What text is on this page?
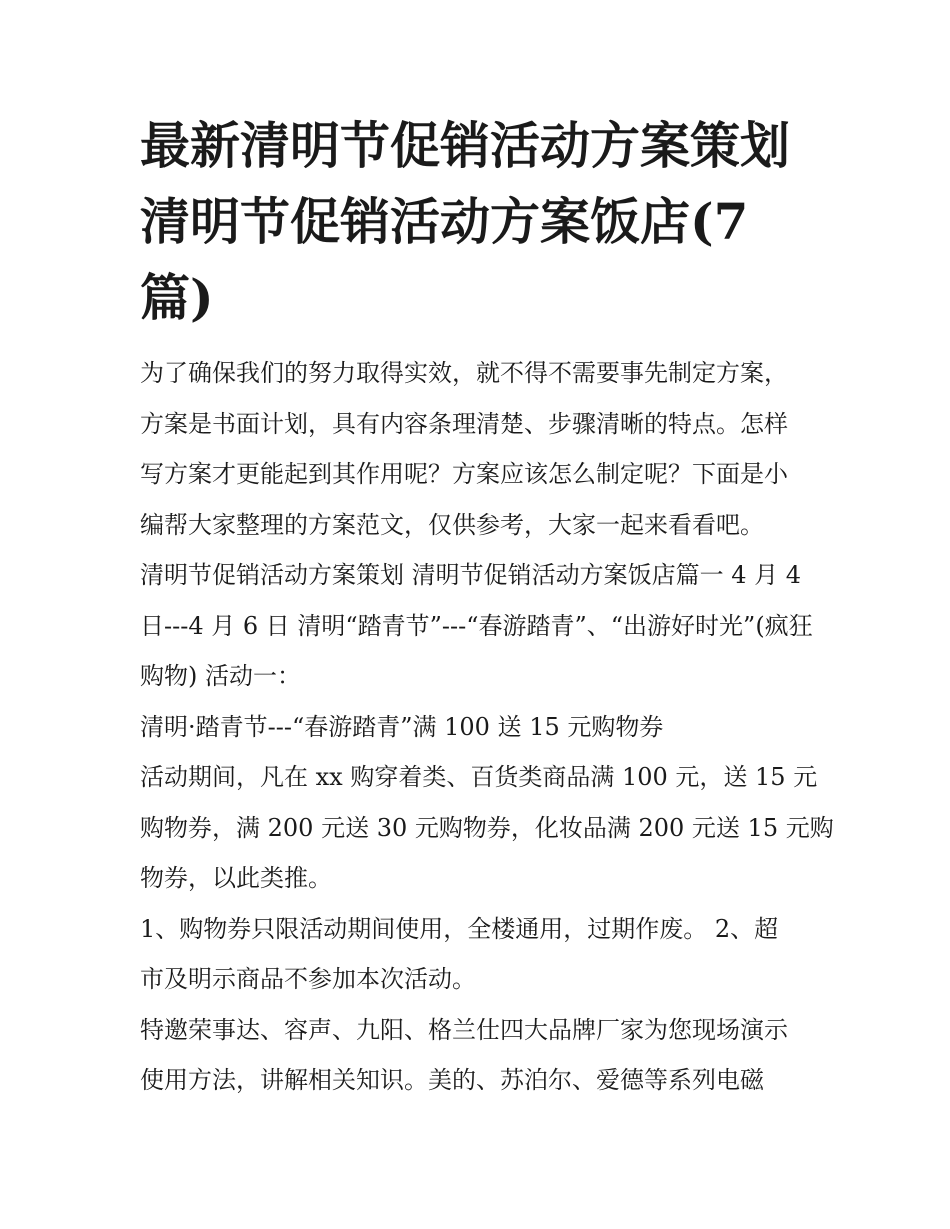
最新清明节促销活动方案策划
清明节促销活动方案饭店(7
篇)

为了确保我们的努力取得实效，就不得不需要事先制定方案，
方案是书面计划，具有内容条理清楚、步骤清晰的特点。怎样
写方案才更能起到其作用呢？方案应该怎么制定呢？下面是小
编帮大家整理的方案范文，仅供参考，大家一起来看看吧。

清明节促销活动方案策划 清明节促销活动方案饭店篇一 4 月 4
日---4 月 6 日 清明“踏青节”---“春游踏青”、“出游好时光”(疯狂
购物) 活动一：

清明·踏青节---“春游踏青”满 100 送 15 元购物券

活动期间，凡在 xx 购穿着类、百货类商品满 100 元，送 15 元
购物券，满 200 元送 30 元购物券，化妆品满 200 元送 15 元购
物券，以此类推。

1、购物券只限活动期间使用，全楼通用，过期作废。 2、超
市及明示商品不参加本次活动。

特邀荣事达、容声、九阳、格兰仕四大品牌厂家为您现场演示
使用方法，讲解相关知识。美的、苏泊尔、爱德等系列电磁
